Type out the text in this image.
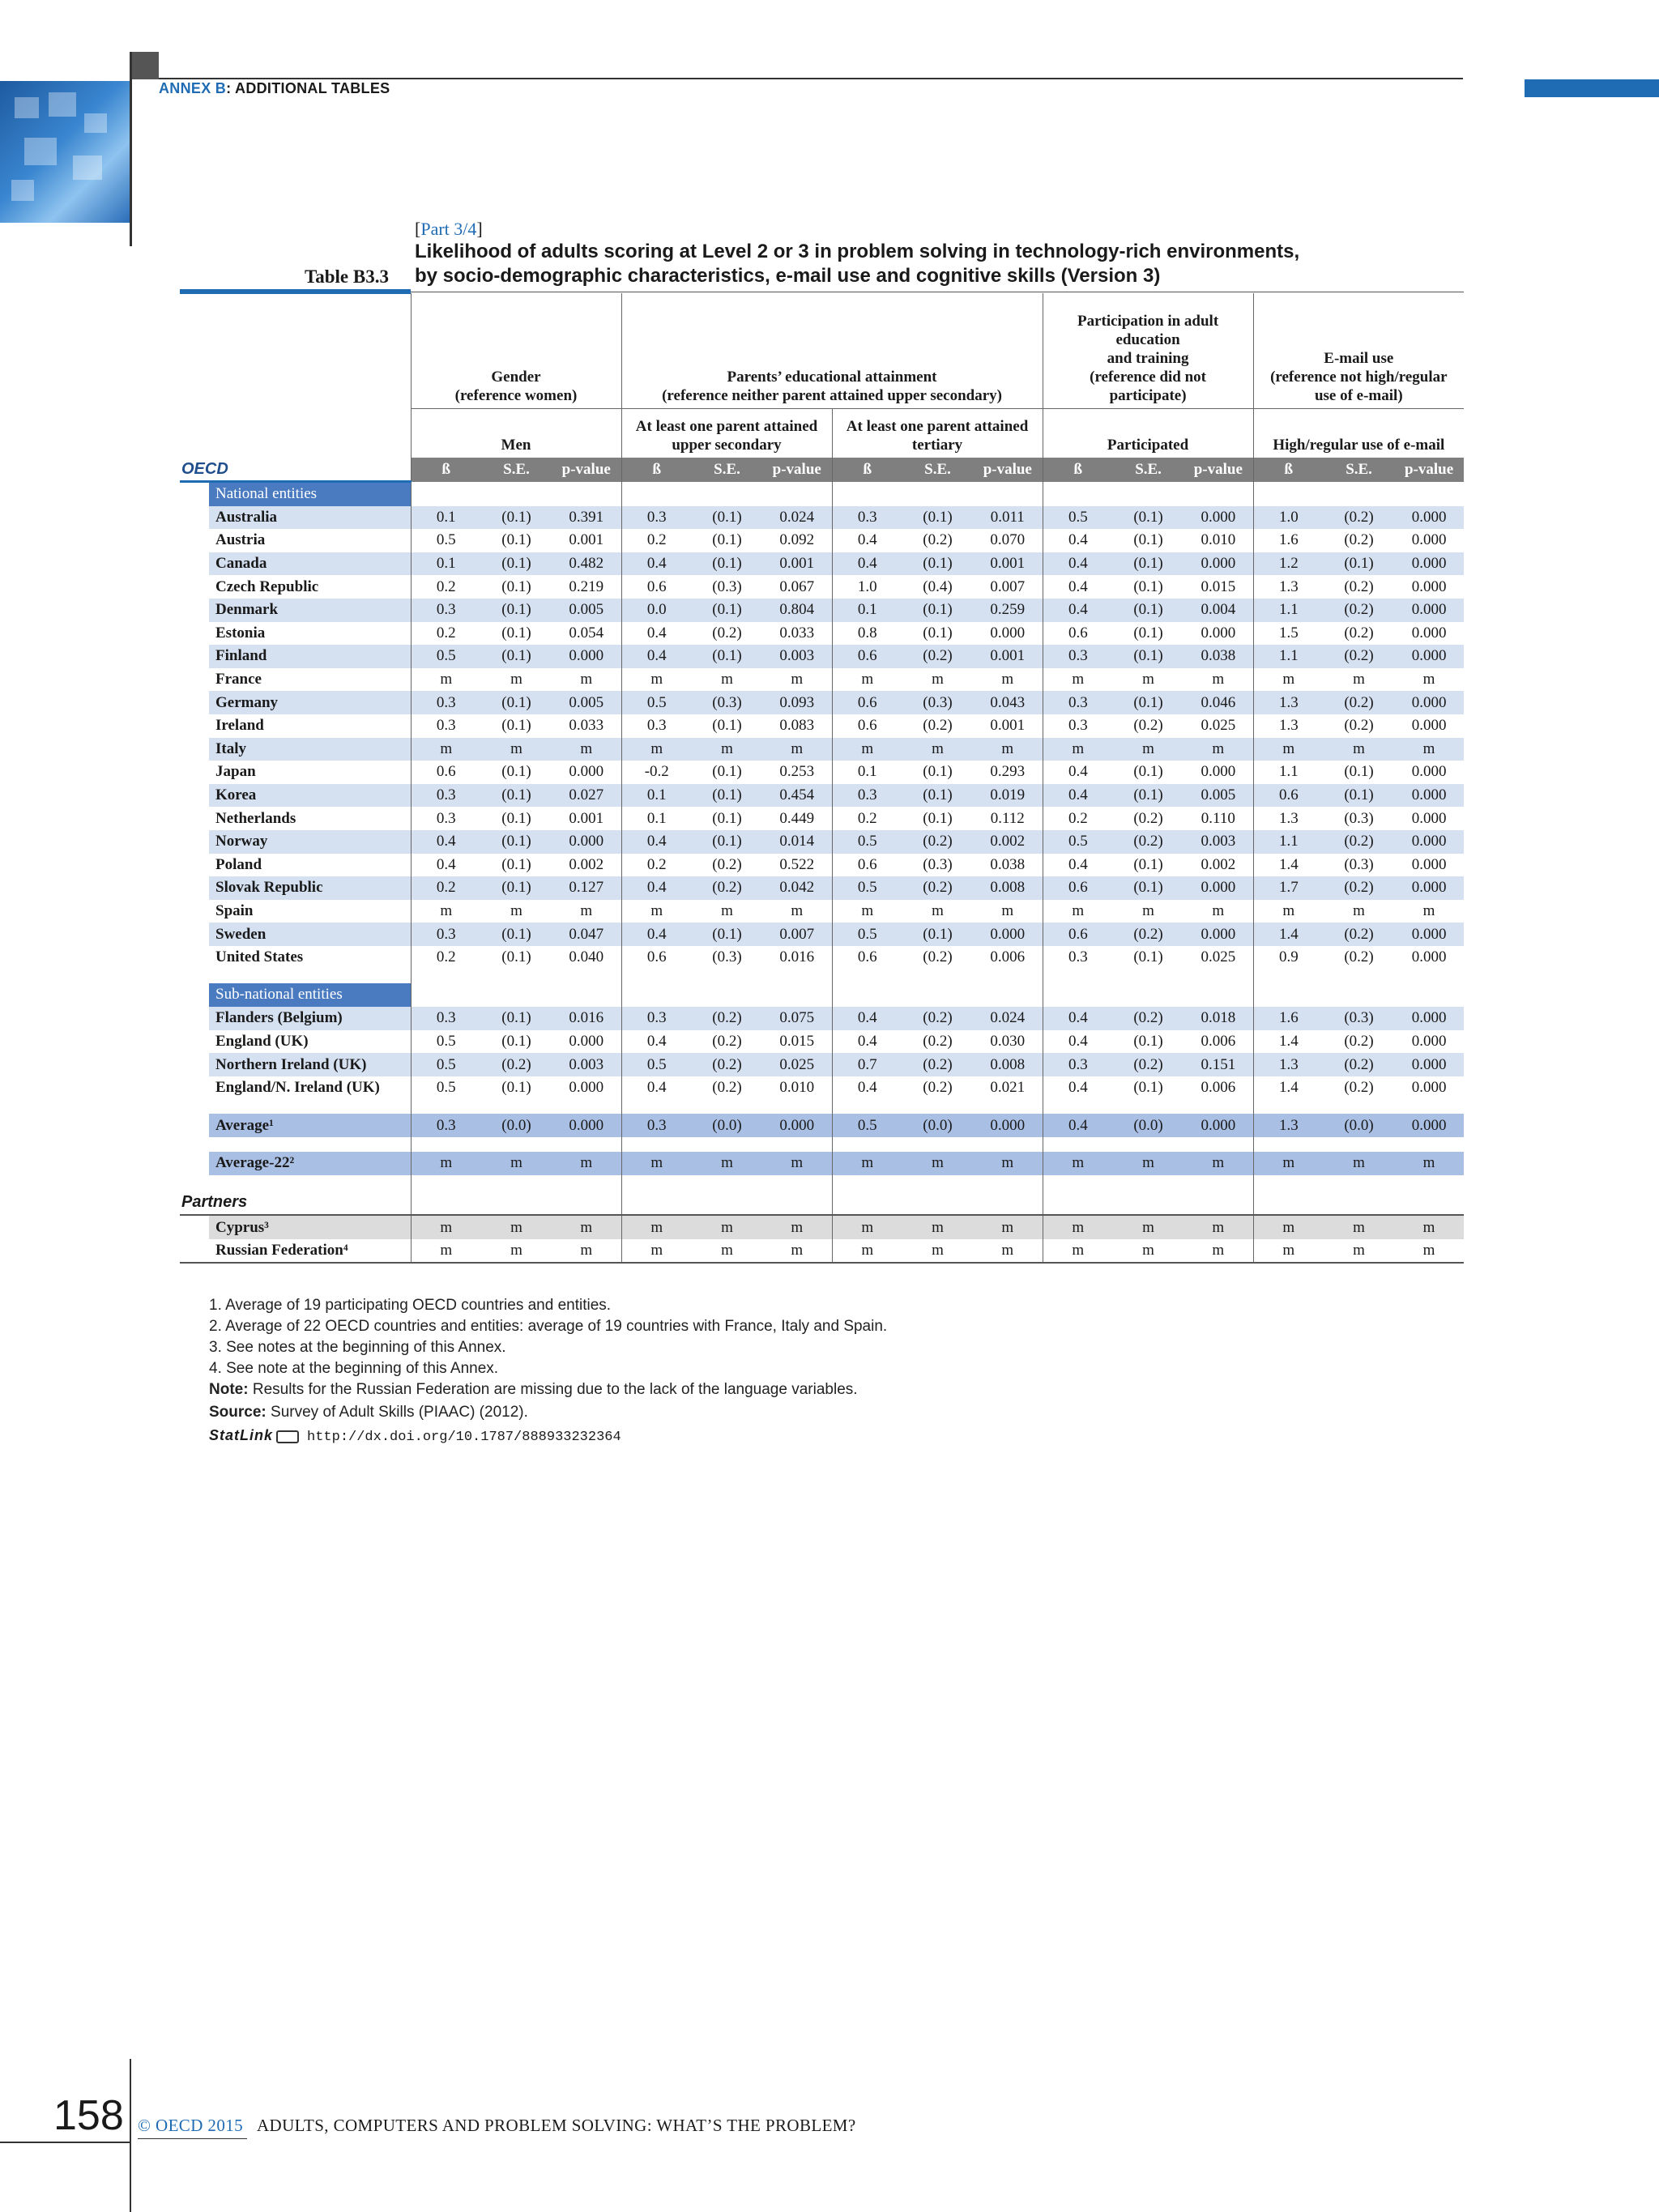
ANNEX B: ADDITIONAL TABLES
[Part 3/4]
Likelihood of adults scoring at Level 2 or 3 in problem solving in technology-rich environments,
by socio-demographic characteristics, e-mail use and cognitive skills (Version 3)
Table B3.3
	Gender
(reference women)			Parents’ educational attainment
(reference neither parent attained upper secondary)						Participation in adult
education
and training
(reference did not
participate)			E-mail use
(reference not high/regular
use of e-mail)		
	Men			At least one parent attained upper secondary			At least one parent attained tertiary			Participated			High/regular use of e-mail		
OECD	ß	S.E.	p-value	ß	S.E.	p-value	ß	S.E.	p-value	ß	S.E.	p-value	ß	S.E.	p-value

National entities															

Australia	0.1	(0.1)	0.391	0.3	(0.1)	0.024	0.3	(0.1)	0.011	0.5	(0.1)	0.000	1.0	(0.2)	0.000
Austria	0.5	(0.1)	0.001	0.2	(0.1)	0.092	0.4	(0.2)	0.070	0.4	(0.1)	0.010	1.6	(0.2)	0.000
Canada	0.1	(0.1)	0.482	0.4	(0.1)	0.001	0.4	(0.1)	0.001	0.4	(0.1)	0.000	1.2	(0.1)	0.000
Czech Republic	0.2	(0.1)	0.219	0.6	(0.3)	0.067	1.0	(0.4)	0.007	0.4	(0.1)	0.015	1.3	(0.2)	0.000
Denmark	0.3	(0.1)	0.005	0.0	(0.1)	0.804	0.1	(0.1)	0.259	0.4	(0.1)	0.004	1.1	(0.2)	0.000
Estonia	0.2	(0.1)	0.054	0.4	(0.2)	0.033	0.8	(0.1)	0.000	0.6	(0.1)	0.000	1.5	(0.2)	0.000
Finland	0.5	(0.1)	0.000	0.4	(0.1)	0.003	0.6	(0.2)	0.001	0.3	(0.1)	0.038	1.1	(0.2)	0.000
France	m	m	m	m	m	m	m	m	m	m	m	m	m	m	m
Germany	0.3	(0.1)	0.005	0.5	(0.3)	0.093	0.6	(0.3)	0.043	0.3	(0.1)	0.046	1.3	(0.2)	0.000
Ireland	0.3	(0.1)	0.033	0.3	(0.1)	0.083	0.6	(0.2)	0.001	0.3	(0.2)	0.025	1.3	(0.2)	0.000
Italy	m	m	m	m	m	m	m	m	m	m	m	m	m	m	m
Japan	0.6	(0.1)	0.000	-0.2	(0.1)	0.253	0.1	(0.1)	0.293	0.4	(0.1)	0.000	1.1	(0.1)	0.000
Korea	0.3	(0.1)	0.027	0.1	(0.1)	0.454	0.3	(0.1)	0.019	0.4	(0.1)	0.005	0.6	(0.1)	0.000
Netherlands	0.3	(0.1)	0.001	0.1	(0.1)	0.449	0.2	(0.1)	0.112	0.2	(0.2)	0.110	1.3	(0.3)	0.000
Norway	0.4	(0.1)	0.000	0.4	(0.1)	0.014	0.5	(0.2)	0.002	0.5	(0.2)	0.003	1.1	(0.2)	0.000
Poland	0.4	(0.1)	0.002	0.2	(0.2)	0.522	0.6	(0.3)	0.038	0.4	(0.1)	0.002	1.4	(0.3)	0.000
Slovak Republic	0.2	(0.1)	0.127	0.4	(0.2)	0.042	0.5	(0.2)	0.008	0.6	(0.1)	0.000	1.7	(0.2)	0.000
Spain	m	m	m	m	m	m	m	m	m	m	m	m	m	m	m
Sweden	0.3	(0.1)	0.047	0.4	(0.1)	0.007	0.5	(0.1)	0.000	0.6	(0.2)	0.000	1.4	(0.2)	0.000
United States	0.2	(0.1)	0.040	0.6	(0.3)	0.016	0.6	(0.2)	0.006	0.3	(0.1)	0.025	0.9	(0.2)	0.000

Sub-national entities															

Flanders (Belgium)	0.3	(0.1)	0.016	0.3	(0.2)	0.075	0.4	(0.2)	0.024	0.4	(0.2)	0.018	1.6	(0.3)	0.000
England (UK)	0.5	(0.1)	0.000	0.4	(0.2)	0.015	0.4	(0.2)	0.030	0.4	(0.1)	0.006	1.4	(0.2)	0.000
Northern Ireland (UK)	0.5	(0.2)	0.003	0.5	(0.2)	0.025	0.7	(0.2)	0.008	0.3	(0.2)	0.151	1.3	(0.2)	0.000
England/N. Ireland (UK)	0.5	(0.1)	0.000	0.4	(0.2)	0.010	0.4	(0.2)	0.021	0.4	(0.1)	0.006	1.4	(0.2)	0.000

Average¹	0.3	(0.0)	0.000	0.3	(0.0)	0.000	0.5	(0.0)	0.000	0.4	(0.0)	0.000	1.3	(0.0)	0.000

Average-22²	m	m	m	m	m	m	m	m	m	m	m	m	m	m	m

Partners															
Cyprus³	m	m	m	m	m	m	m	m	m	m	m	m	m	m	m
Russian Federation⁴	m	m	m	m	m	m	m	m	m	m	m	m	m	m	m
1. Average of 19 participating OECD countries and entities.
2. Average of 22 OECD countries and entities: average of 19 countries with France, Italy and Spain.
3. See notes at the beginning of this Annex.
4. See note at the beginning of this Annex.
Note: Results for the Russian Federation are missing due to the lack of the language variables.
Source: Survey of Adult Skills (PIAAC) (2012).
StatLink http://dx.doi.org/10.1787/888933232364
158 © OECD 2015 ADULTS, COMPUTERS AND PROBLEM SOLVING: WHAT’S THE PROBLEM?
